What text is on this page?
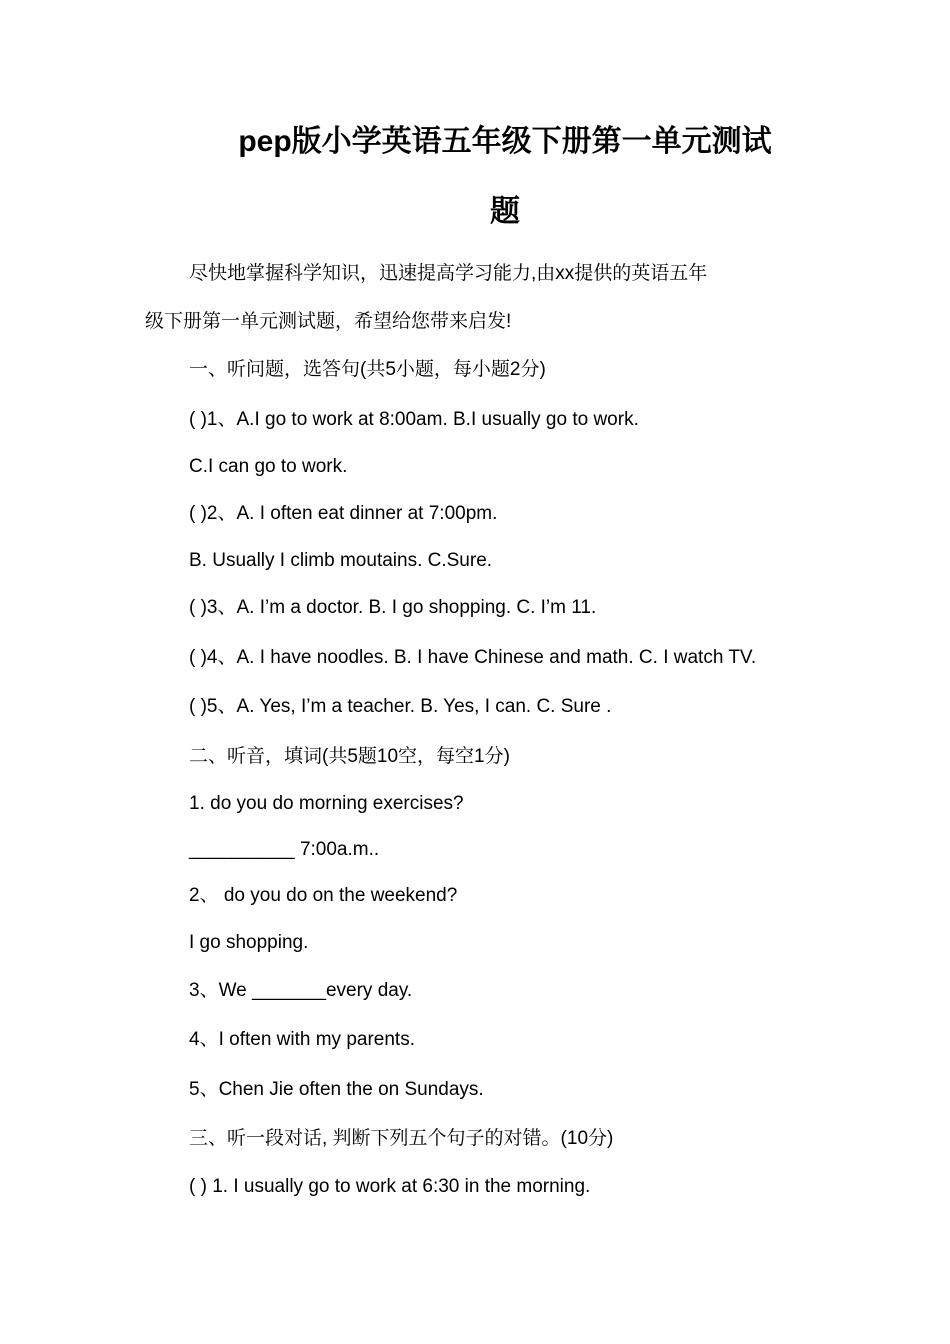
pep版小学英语五年级下册第一单元测试
题
尽快地掌握科学知识，迅速提高学习能力,由xx提供的英语五年
级下册第一单元测试题，希望给您带来启发!
一、听问题，选答句(共5小题，每小题2分)
( )1、A.I go to work at 8:00am. B.I usually go to work.
C.I can go to work.
( )2、A. I often eat dinner at 7:00pm.
B. Usually I climb moutains. C.Sure.
( )3、A. I’m a doctor. B. I go shopping. C. I’m 11.
( )4、A. I have noodles. B. I have Chinese and math. C. I watch TV.
( )5、A. Yes, I’m a teacher. B. Yes, I can. C. Sure .
二、听音，填词(共5题10空，每空1分)
1. do you do morning exercises?
__________ 7:00a.m..
2、 do you do on the weekend?
I go shopping.
3、We _______every day.
4、I often with my parents.
5、Chen Jie often the on Sundays.
三、听一段对话, 判断下列五个句子的对错。(10分)
( ) 1. I usually go to work at 6:30 in the morning.
